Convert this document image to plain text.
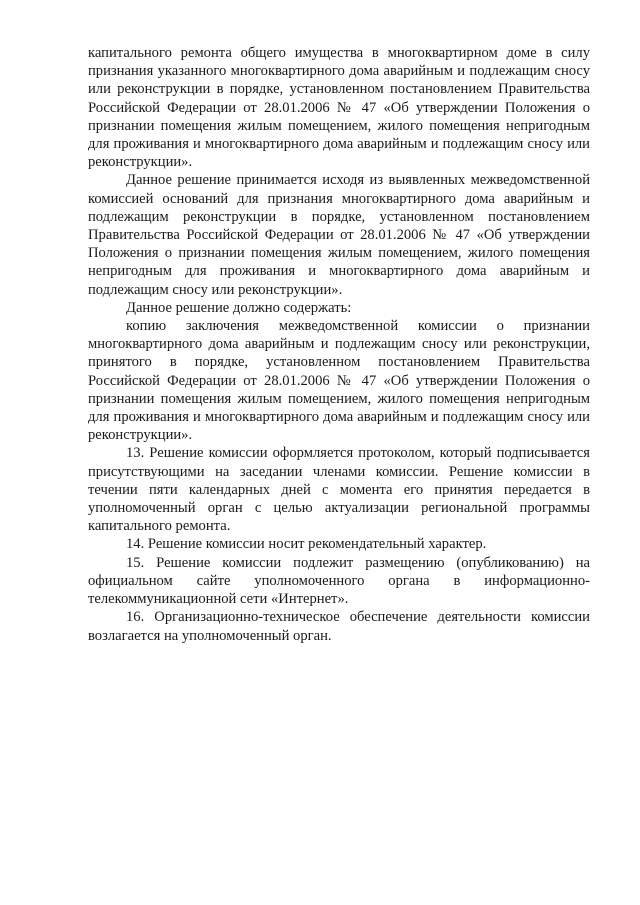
капитального ремонта общего имущества в многоквартирном доме в силу признания указанного многоквартирного дома аварийным и подлежащим сносу или реконструкции в порядке, установленном постановлением Правительства Российской Федерации от 28.01.2006 № 47 «Об утверждении Положения о признании помещения жилым помещением, жилого помещения непригодным для проживания и многоквартирного дома аварийным и подлежащим сносу или реконструкции».

Данное решение принимается исходя из выявленных межведомственной комиссией оснований для признания многоквартирного дома аварийным и подлежащим реконструкции в порядке, установленном постановлением Правительства Российской Федерации от 28.01.2006 № 47 «Об утверждении Положения о признании помещения жилым помещением, жилого помещения непригодным для проживания и многоквартирного дома аварийным и подлежащим сносу или реконструкции».

Данное решение должно содержать:

копию заключения межведомственной комиссии о признании многоквартирного дома аварийным и подлежащим сносу или реконструкции, принятого в порядке, установленном постановлением Правительства Российской Федерации от 28.01.2006 № 47 «Об утверждении Положения о признании помещения жилым помещением, жилого помещения непригодным для проживания и многоквартирного дома аварийным и подлежащим сносу или реконструкции».

13. Решение комиссии оформляется протоколом, который подписывается присутствующими на заседании членами комиссии. Решение комиссии в течении пяти календарных дней с момента его принятия передается в уполномоченный орган с целью актуализации региональной программы капитального ремонта.

14. Решение комиссии носит рекомендательный характер.

15. Решение комиссии подлежит размещению (опубликованию) на официальном сайте уполномоченного органа в информационно-телекоммуникационной сети «Интернет».

16. Организационно-техническое обеспечение деятельности комиссии возлагается на уполномоченный орган.
